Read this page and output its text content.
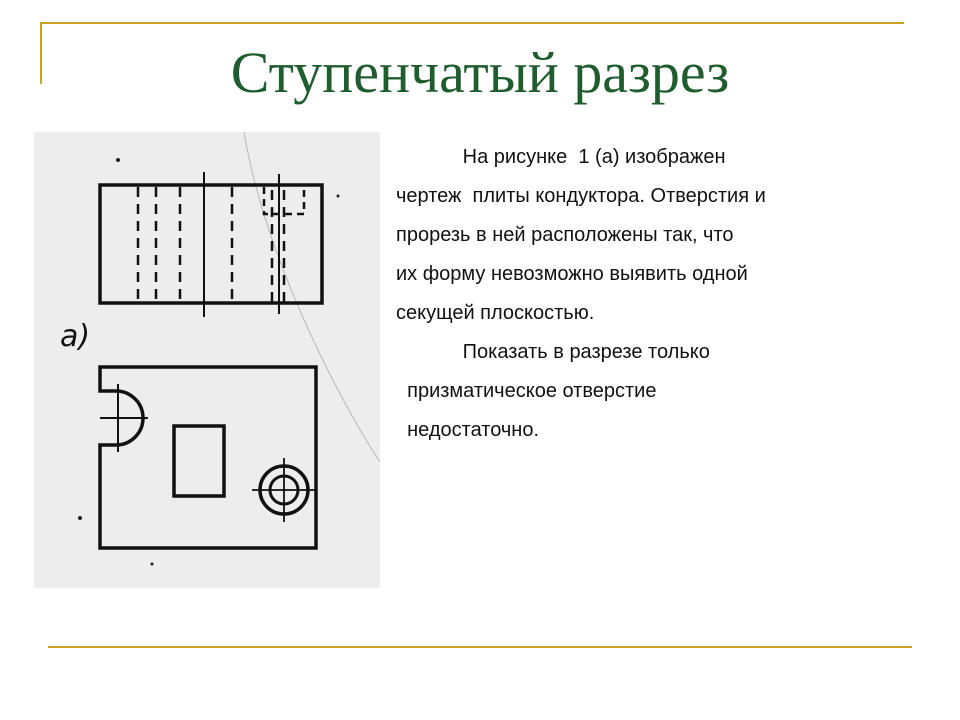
Ступенчатый разрез
а)
На рисунке  1 (а) изображен
чертеж  плиты кондуктора. Отверстия и
прорезь в ней расположены так, что
их форму невозможно выявить одной
секущей плоскостью.
Показать в разрезе только
призматическое отверстие
недостаточно.
